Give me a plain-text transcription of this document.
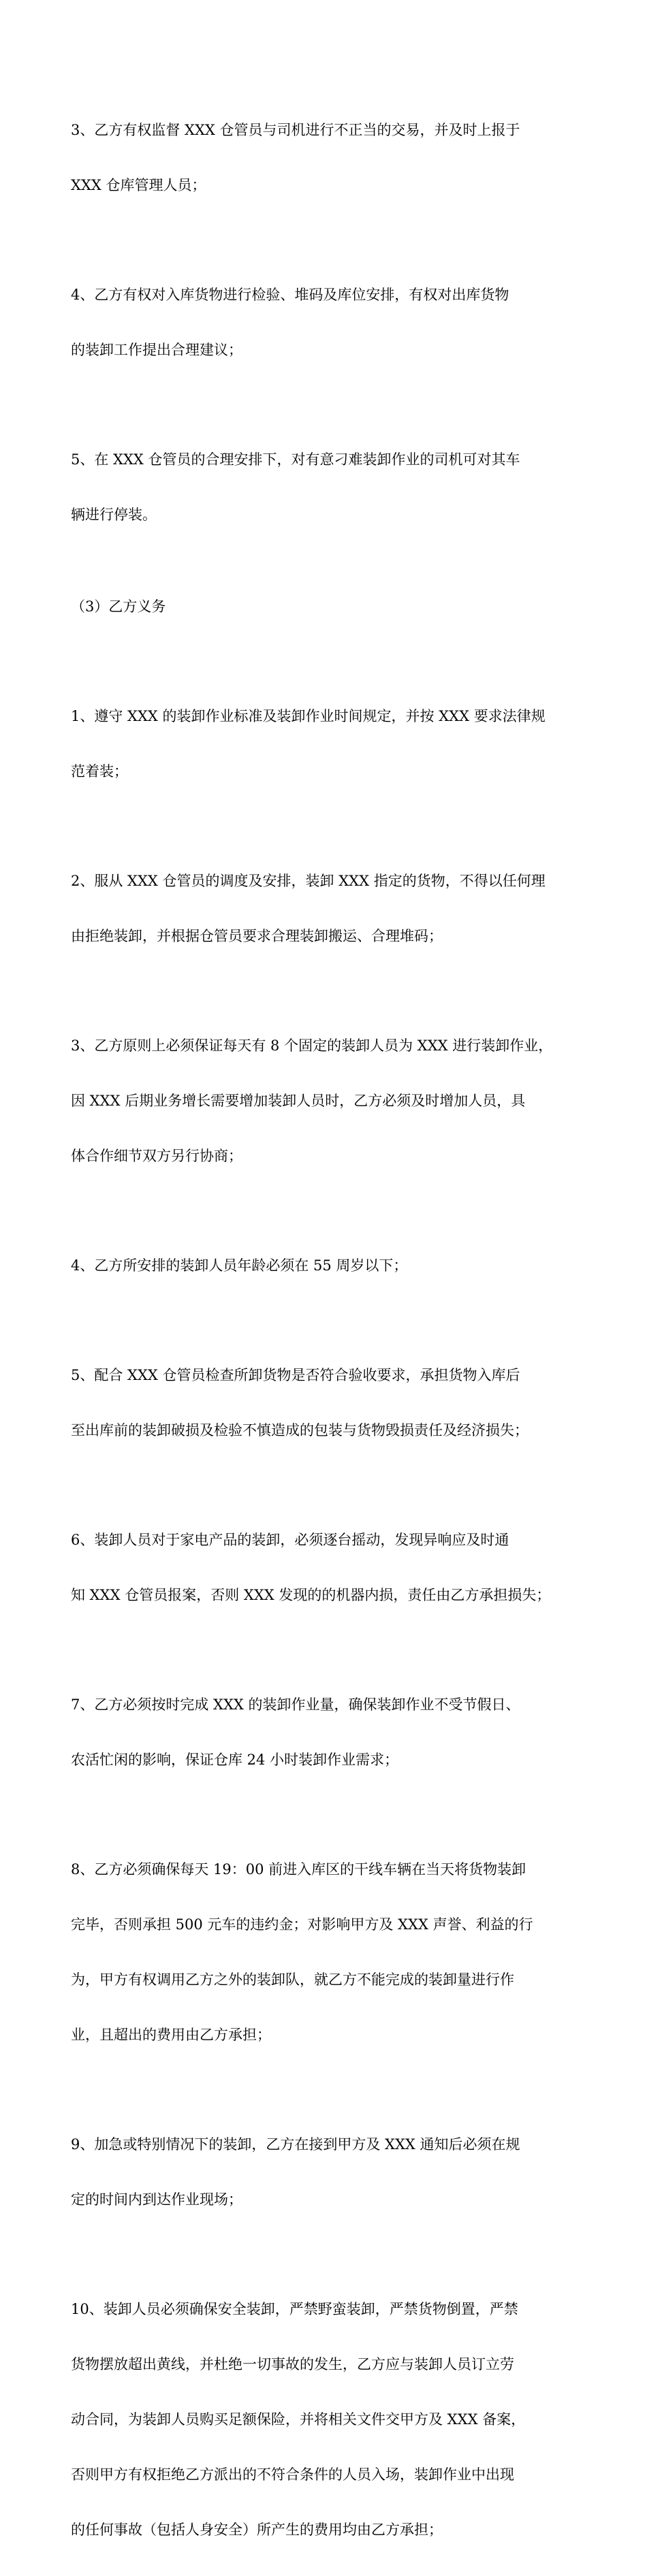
3、乙方有权监督 XXX 仓管员与司机进行不正当的交易，并及时上报于

XXX 仓库管理人员；

4、乙方有权对入库货物进行检验、堆码及库位安排，有权对出库货物

的装卸工作提出合理建议；

5、在 XXX 仓管员的合理安排下，对有意刁难装卸作业的司机可对其车

辆进行停装。

（3）乙方义务

1、遵守 XXX 的装卸作业标准及装卸作业时间规定，并按 XXX 要求法律规

范着装；

2、服从 XXX 仓管员的调度及安排，装卸 XXX 指定的货物，不得以任何理

由拒绝装卸，并根据仓管员要求合理装卸搬运、合理堆码；

3、乙方原则上必须保证每天有 8 个固定的装卸人员为 XXX 进行装卸作业，

因 XXX 后期业务增长需要增加装卸人员时，乙方必须及时增加人员，具

体合作细节双方另行协商；

4、乙方所安排的装卸人员年龄必须在 55 周岁以下；

5、配合 XXX 仓管员检查所卸货物是否符合验收要求，承担货物入库后

至出库前的装卸破损及检验不慎造成的包装与货物毁损责任及经济损失；

6、装卸人员对于家电产品的装卸，必须逐台摇动，发现异响应及时通

知 XXX 仓管员报案，否则 XXX 发现的的机器内损，责任由乙方承担损失；

7、乙方必须按时完成 XXX 的装卸作业量，确保装卸作业不受节假日、

农活忙闲的影响，保证仓库 24 小时装卸作业需求；

8、乙方必须确保每天 19：00 前进入库区的干线车辆在当天将货物装卸

完毕，否则承担 500 元车的违约金；对影响甲方及 XXX 声誉、利益的行

为，甲方有权调用乙方之外的装卸队，就乙方不能完成的装卸量进行作

业，且超出的费用由乙方承担；

9、加急或特别情况下的装卸，乙方在接到甲方及 XXX 通知后必须在规

定的时间内到达作业现场；

10、装卸人员必须确保安全装卸，严禁野蛮装卸，严禁货物倒置，严禁

货物摆放超出黄线，并杜绝一切事故的发生，乙方应与装卸人员订立劳

动合同，为装卸人员购买足额保险，并将相关文件交甲方及 XXX 备案，

否则甲方有权拒绝乙方派出的不符合条件的人员入场，装卸作业中出现

的任何事故（包括人身安全）所产生的费用均由乙方承担；
